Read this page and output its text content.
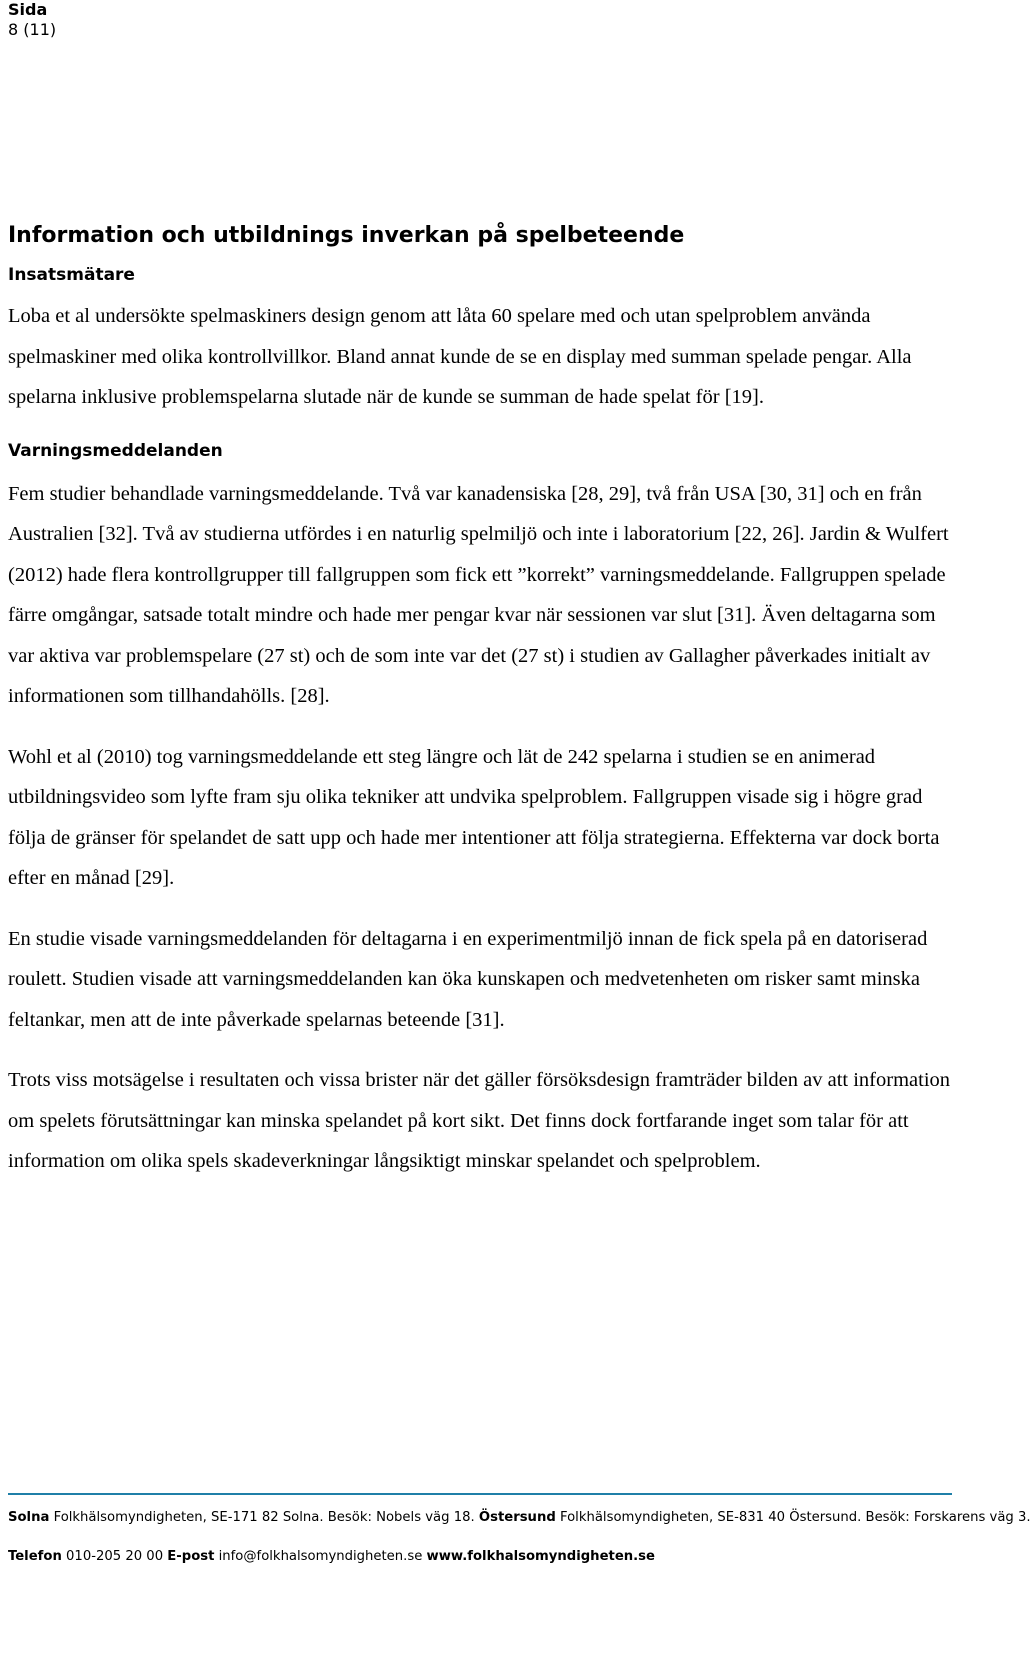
Sida
8 (11)
Information och utbildnings inverkan på spelbeteende
Insatsmätare

Loba et al undersökte spelmaskiners design genom att låta 60 spelare med och utan spelproblem använda spelmaskiner med olika kontrollvillkor. Bland annat kunde de se en display med summan spelade pengar. Alla spelarna inklusive problemspelarna slutade när de kunde se summan de hade spelat för [19].

Varningsmeddelanden

Fem studier behandlade varningsmeddelande. Två var kanadensiska [28, 29], två från USA [30, 31] och en från Australien [32]. Två av studierna utfördes i en naturlig spelmiljö och inte i laboratorium [22, 26]. Jardin & Wulfert (2012) hade flera kontrollgrupper till fallgruppen som fick ett ”korrekt” varningsmeddelande. Fallgruppen spelade färre omgångar, satsade totalt mindre och hade mer pengar kvar när sessionen var slut [31]. Även deltagarna som var aktiva var problemspelare (27 st) och de som inte var det (27 st) i studien av Gallagher påverkades initialt av informationen som tillhandahölls. [28].

Wohl et al (2010) tog varningsmeddelande ett steg längre och lät de 242 spelarna i studien se en animerad utbildningsvideo som lyfte fram sju olika tekniker att undvika spelproblem. Fallgruppen visade sig i högre grad följa de gränser för spelandet de satt upp och hade mer intentioner att följa strategierna. Effekterna var dock borta efter en månad [29].

En studie visade varningsmeddelanden för deltagarna i en experimentmiljö innan de fick spela på en datoriserad roulett. Studien visade att varningsmeddelanden kan öka kunskapen och medvetenheten om risker samt minska feltankar, men att de inte påverkade spelarnas beteende [31].

Trots viss motsägelse i resultaten och vissa brister när det gäller försöksdesign framträder bilden av att information om spelets förutsättningar kan minska spelandet på kort sikt. Det finns dock fortfarande inget som talar för att information om olika spels skadeverkningar långsiktigt minskar spelandet och spelproblem.

Solna Folkhälsomyndigheten, SE-171 82 Solna. Besök: Nobels väg 18. Östersund Folkhälsomyndigheten, SE-831 40 Östersund. Besök: Forskarens väg 3.
Telefon 010-205 20 00 E-post info@folkhalsomyndigheten.se www.folkhalsomyndigheten.se
